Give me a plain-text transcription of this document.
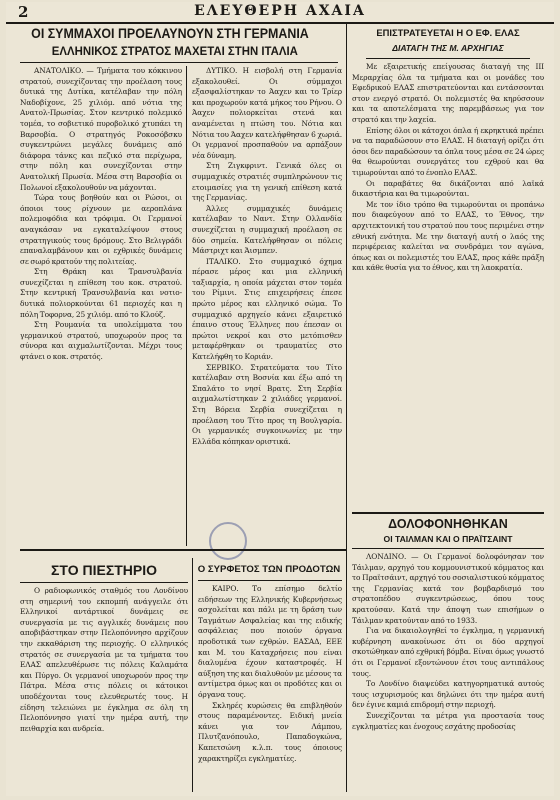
2	ΕΛΕΥΘΕΡΗ ΑΧΑΙΑ
ΟΙ ΣΥΜΜΑΧΟΙ ΠΡΟΕΛΑΥΝΟΥΝ ΣΤΗ ΓΕΡΜΑΝΙΑ
ΕΛΛΗΝΙΚΟΣ ΣΤΡΑΤΟΣ ΜΑΧΕΤΑΙ ΣΤΗΝ ΙΤΑΛΙΑ
ΕΠΙΣΤΡΑΤΕΥΕΤΑΙ Η Ο ΕΦ. ΕΛΑΣ
ΔΙΑΤΑΓΗ ΤΗΣ Μ. ΑΡΧΗΓΙΑΣ

ΑΝΑΤΟΛΙΚΟ. — Τμήματα του κόκκινου στρατού, συνεχίζοντας την προέλαση τους δυτικά της Δυτίκα, κατέλαβαν την πόλη Ναδοβίχονε, 25 χιλιόμ. από νότια της Ανατολ-Πρωσίας. Στον κεντρικό πολεμικό τομέα, το σοβιετικό πυροβολικό χτυπάει τη Βαρσοβία. Ο στρατηγός Ροκοσόβσκυ συγκεντρώνει μεγάλες δυνάμεις από διάφορα τάνκς και πεζικό στα περίχωρα, στην πόλη και συνεχίζονται στην Ανατολική Πρωσία. Μέσα στη Βαρσοβία οι Πολωνοί εξακολουθούν να μάχονται.

Τώρα τους βοηθούν και οι Ρώσοι, οι όποιοι τους ρίχνουν με αεροπλάνα πολεμοφόδια και τρόφιμα. Οι Γερμανοί αναγκάσαν να εγκαταλείψουν στους στρατηγικούς τους δρόμους. Στο Βελιγράδι επαναλαμβάνουν και οι εχθρικές δυνάμεις σε σωρό κρατούν της πολιτείας.

Στη Θράκη και Τρανσυλβανία συνεχίζεται η επίθεση του κοκ. στρατού. Στην κεντρική Τρανσυλβανία και νοτιο-δυτικά πολιορκούνται 61 περιοχές και η πόλη Τοφορνα, 25 χιλιόμ. από το Κλούζ.

Στη Ρουμανία τα υπολείμματα του γερμανικού στρατού, υποχωρούν προς τα σύνορα και αιχμαλωτίζονται. Μέχρι τους φτάνει ο κοκ. στρατός.

ΔΥΤΙΚΟ. Η εισβολή στη Γερμανία εξακολουθεί. Οι σύμμαχοι εξασφαλίστηκαν το Άαχεν και το Τρίερ και προχωρούν κατά μήκος του Ρήνου. Ο Άαχεν πολιορκείται στενά και αναμένεται η πτώση του. Νότια και Νότια του Άαχεν κατελήφθησαν 6 χωριά. Οι γερμανοί προσπαθούν να αρπάξουν νέα δύναμη.

Στη Ζιγκφριντ. Γενικά όλες οι συμμαχικές στρατιές συμπληρώνουν τις ετοιμασίες για τη γενική επίθεση κατά της Γερμανίας.

Άλλες συμμαχικές δυνάμεις κατέλαβαν το Ναντ. Στην Ολλανδία συνεχίζεται η συμμαχική προέλαση σε δύο σημεία. Κατελήφθησαν οι πόλεις Μάστριχτ και Άισμπεν.

ΙΤΑΛΙΚΟ. Στο συμμαχικό όχημα πέρασε μέρος και μια ελληνική ταξιαρχία, η οποία μάχεται στον τομέα του Ρίμινι. Στις επιχειρήσεις έπεσε πρώτο μέρος και ελληνικό σώμα. Το συμμαχικό αρχηγείο κάνει εξαιρετικό έπαινο στους Έλληνες που έπεσαν οι πρώτοι νεκροί και στο μετόπισθεν μεταφέρθηκαν οι τραυματίες στο Κατελήφθη το Κοριάν.

ΣΕΡΒΙΚΟ. Στρατεύματα του Τίτο κατέλαβαν στη Βοσνία και έξω από τη Σπαλάτο το νησί Βρατς. Στη Σερβία αιχμαλωτίστηκαν 2 χιλιάδες γερμανοί. Στη Βόρεια Σερβία συνεχίζεται η προέλαση του Τίτο προς τη Βουλγαρία. Οι γερμανικές συγκοινωνίες με την Ελλάδα κόπηκαν οριστικά.

Με εξαιρετικής επείγουσας διαταγή της ΙΙΙ Μεραρχίας όλα τα τμήματα και οι μονάδες του Εφεδρικού ΕΛΑΣ επιστρατεύονται και εντάσσονται στον ενεργό στρατό. Οι πολεμιστές θα κηρύσσουν και τα αποτελέσματα της παρεμβάσεως για τον στρατό και την λαχεία.

Επίσης όλοι οι κάτοχοι όπλα ή εκρηκτικά πρέπει να τα παραδώσουν στο ΕΛΑΣ. Η διαταγή ορίζει ότι όσοι δεν παραδώσουν τα όπλα τους μέσα σε 24 ώρες θα θεωρούνται συνεργάτες του εχθρού και θα τιμωρούνται από το ένοπλο ΕΛΑΣ.

Οι παραβάτες θα δικάζονται από λαϊκά δικαστήρια και θα τιμωρούνται.

Με τον ίδιο τρόπο θα τιμωρούνται οι προπάνω που διαφεύγουν από το ΕΛΑΣ, το Έθνος, την αρχιτεκτονική του στρατού που τους περιμένει στην εθνική ενότητα. Με την διαταγή αυτή ο λαός της περιφέρειας καλείται να συνδράμει τον αγώνα, όπως και οι πολεμιστές του ΕΛΑΣ, προς κάθε πράξη και κάθε θυσία για το έθνος, και τη λαοκρατία.

ΔΟΛΟΦΟΝΗΘΗΚΑΝ
ΟΙ ΤΑΙΛΜΑΝ ΚΑΙ Ο ΠΡΑΪΤΣΑΙΝΤ

ΛΟΝΔΙΝΟ. — Οι Γερμανοί δολοφόνησαν τον Τάιλμαν, αρχηγό του κομμουνιστικού κόμματος και το Πραϊτσάιντ, αρχηγό του σοσιαλιστικού κόμματος της Γερμανίας κατά τον βομβαρδισμό του στρατοπέδου συγκεντρώσεως, όπου τους κρατούσαν. Κατά την άποψη των επισήμων ο Τάιλμαν κρατούνταν από το 1933.

Για να δικαιολογηθεί το έγκλημα, η γερμανική κυβέρνηση ανακοίνωσε ότι οι δύο αρχηγοί σκοτώθηκαν από εχθρική βόμβα. Είναι όμως γνωστό ότι οι Γερμανοί εξοντώνουν έτσι τους αντιπάλους τους.

Το Λονδίνο διαψεύδει κατηγορηματικά αυτούς τους ισχυρισμούς και δηλώνει ότι την ημέρα αυτή δεν έγινε καμιά επιδρομή στην περιοχή.

Συνεχίζονται τα μέτρα για προστασία τους εγκληματίες και ένοχους εσχάτης προδοσίας

ΣΤΟ ΠΙΕΣΤΗΡΙΟ

Ο ραδιοφωνικός σταθμός του Λονδίνου στη σημερινή του εκπομπή ανάγγειλε ότι Ελληνικοί αντάρτικοί δυνάμεις σε συνεργασία με τις αγγλικές δυνάμεις που αποβιβάστηκαν στην Πελοπόννησο αρχίζουν την εκκαθάριση της περιοχής. Ο ελληνικός στρατός σε συνεργασία με τα τμήματα του ΕΛΑΣ απελευθέρωσε τις πόλεις Καλαμάτα και Πύργο. Οι γερμανοί υποχωρούν προς την Πάτρα. Μέσα στις πόλεις οι κάτοικοι υποδέχονται τους ελευθερωτές τους. Η είδηση τελειώνει με έγκλημα σε όλη τη Πελοπόννησο γιατί την ημέρα αυτή, την πειθαρχία και ανδρεία.

Ο ΣΥΡΦΕΤΟΣ ΤΩΝ ΠΡΟΔΟΤΩΝ

ΚΑΙΡΟ. Το επίσημο δελτίο ειδήσεων της Ελληνικής Κυβερνήσεως ασχολείται και πάλι με τη δράση των Ταγμάτων Ασφαλείας και της ειδικής ασφάλειας που ποιούν όργανα προδοτικά των εχθρών. ΕΑΣΑΔ, ΕΕΕ και Μ. του Καταχρήσεις που είναι διαλυμένα έχουν καταστροφές. Η αύξηση της και διαλυθούν με μέσους τα αντίμετρα όμως και οι προδότες και οι όργανα τους.

Σκληρές κυρώσεις θα επιβληθούν στους παραμένοντες. Ειδική μνεία κάνει για τον Λάμπου, Πλυτζανόπουλο, Παπαδογκώνα, Καπετσώνη κ.λ.π. τους όποιους χαρακτηρίζει εγκληματίες.
